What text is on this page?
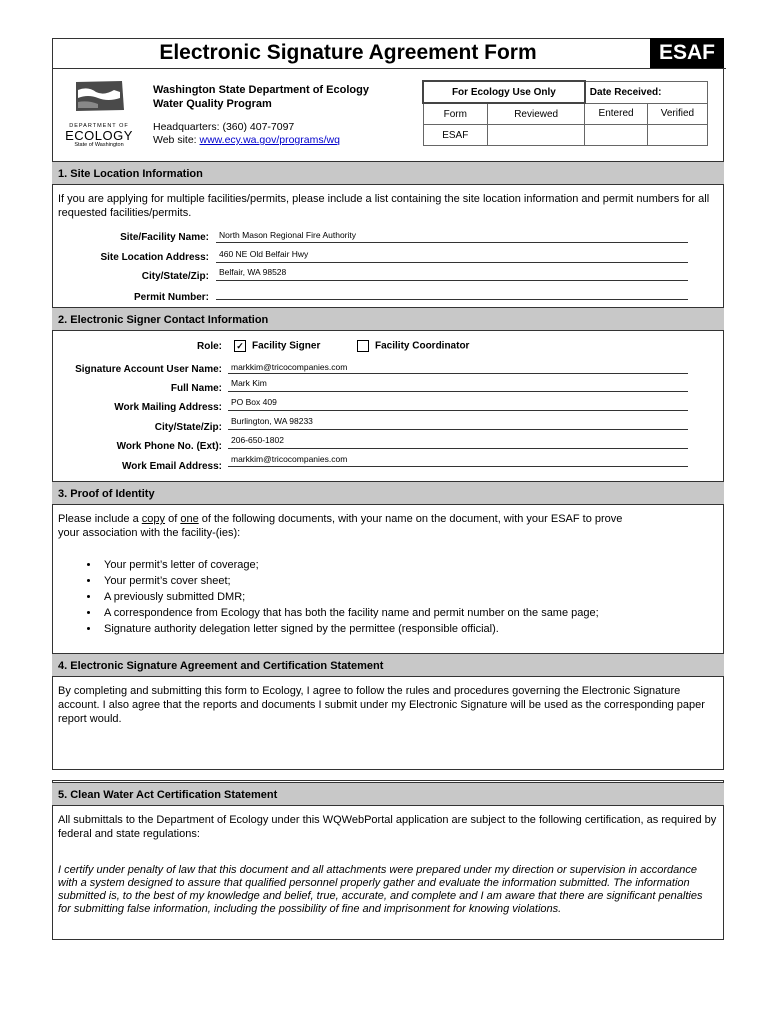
Electronic Signature Agreement Form	ESAF
DEPARTMENT OF
ECOLOGY
State of Washington
Washington State Department of Ecology
Water Quality Program
Headquarters: (360) 407-7097
Web site: www.ecy.wa.gov/programs/wq
For Ecology Use Only		Date Received:	
Form	Reviewed	Entered	Verified
ESAF			
1. Site Location Information
If you are applying for multiple facilities/permits, please include a list containing the site location information and permit numbers for all requested facilities/permits.
Site/Facility Name: North Mason Regional Fire Authority
Site Location Address: 460 NE Old Belfair Hwy
City/State/Zip: Belfair, WA 98528
Permit Number:
2. Electronic Signer Contact Information
Role: ✓ Facility Signer	Facility Coordinator
Signature Account User Name: markkim@tricocompanies.com
Full Name: Mark Kim
Work Mailing Address: PO Box 409
City/State/Zip:
Burlington, WA 98233
Work Phone No. (Ext):
206-650-1802
Work Email Address:
markkim@tricocompanies.com
3. Proof of Identity
Please include a copy of one of the following documents, with your name on the document, with your ESAF to prove
your association with the facility-(ies):
• Your permit’s letter of coverage;
• Your permit’s cover sheet;
• A previously submitted DMR;
• A correspondence from Ecology that has both the facility name and permit number on the same page;
• Signature authority delegation letter signed by the permittee (responsible official).
4. Electronic Signature Agreement and Certification Statement
By completing and submitting this form to Ecology, I agree to follow the rules and procedures governing the Electronic Signature account. I also agree that the reports and documents I submit under my Electronic Signature will be used as the corresponding paper report would.
5. Clean Water Act Certification Statement
All submittals to the Department of Ecology under this WQWebPortal application are subject to the following certification, as required by federal and state regulations:
I certify under penalty of law that this document and all attachments were prepared under my direction or supervision in accordance with a system designed to assure that qualified personnel properly gather and evaluate the information submitted. The information submitted is, to the best of my knowledge and belief, true, accurate, and complete and I am aware that there are significant penalties for submitting false information, including the possibility of fine and imprisonment for knowing violations.
